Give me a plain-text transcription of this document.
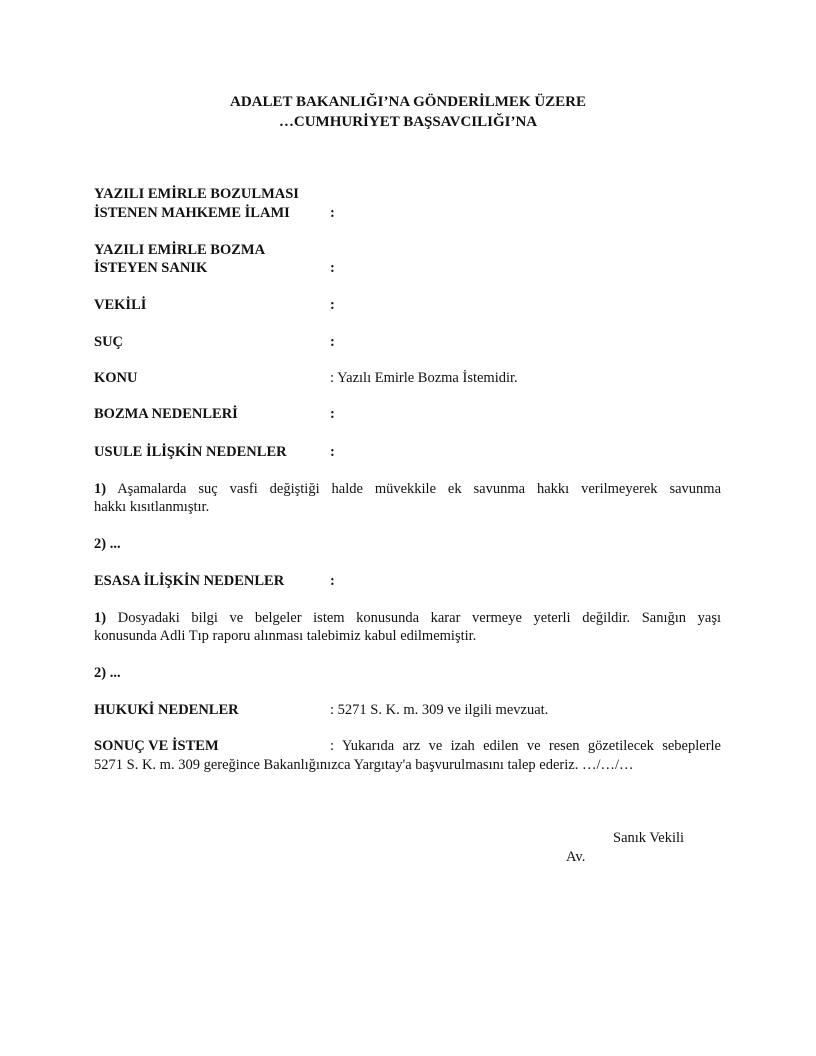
ADALET BAKANLIĞI’NA GÖNDERİLMEK ÜZERE
…CUMHURİYET BAŞSAVCILIĞI’NA
YAZILI EMİRLE BOZULMASI
İSTENEN MAHKEME İLAMI	:
YAZILI EMİRLE BOZMA
İSTEYEN SANIK	:
VEKİLİ	:
SUÇ	:
KONU	: Yazılı Emirle Bozma İstemidir.
BOZMA NEDENLERİ	:
USULE İLİŞKİN NEDENLER	:
1) Aşamalarda suç vasfi değiştiği halde müvekkile ek savunma hakkı verilmeyerek savunma
hakkı kısıtlanmıştır.
2) ...
ESASA İLİŞKİN NEDENLER	:
1) Dosyadaki bilgi ve belgeler istem konusunda karar vermeye yeterli değildir. Sanığın yaşı
konusunda Adli Tıp raporu alınması talebimiz kabul edilmemiştir.
2) ...
HUKUKİ NEDENLER	: 5271 S. K. m. 309 ve ilgili mevzuat.
SONUÇ VE İSTEM	: Yukarıda arz ve izah edilen ve resen gözetilecek sebeplerle
5271 S. K. m. 309 gereğince Bakanlığınızca Yargıtay'a başvurulmasını talep ederiz. …/…/…
Sanık Vekili
Av.
